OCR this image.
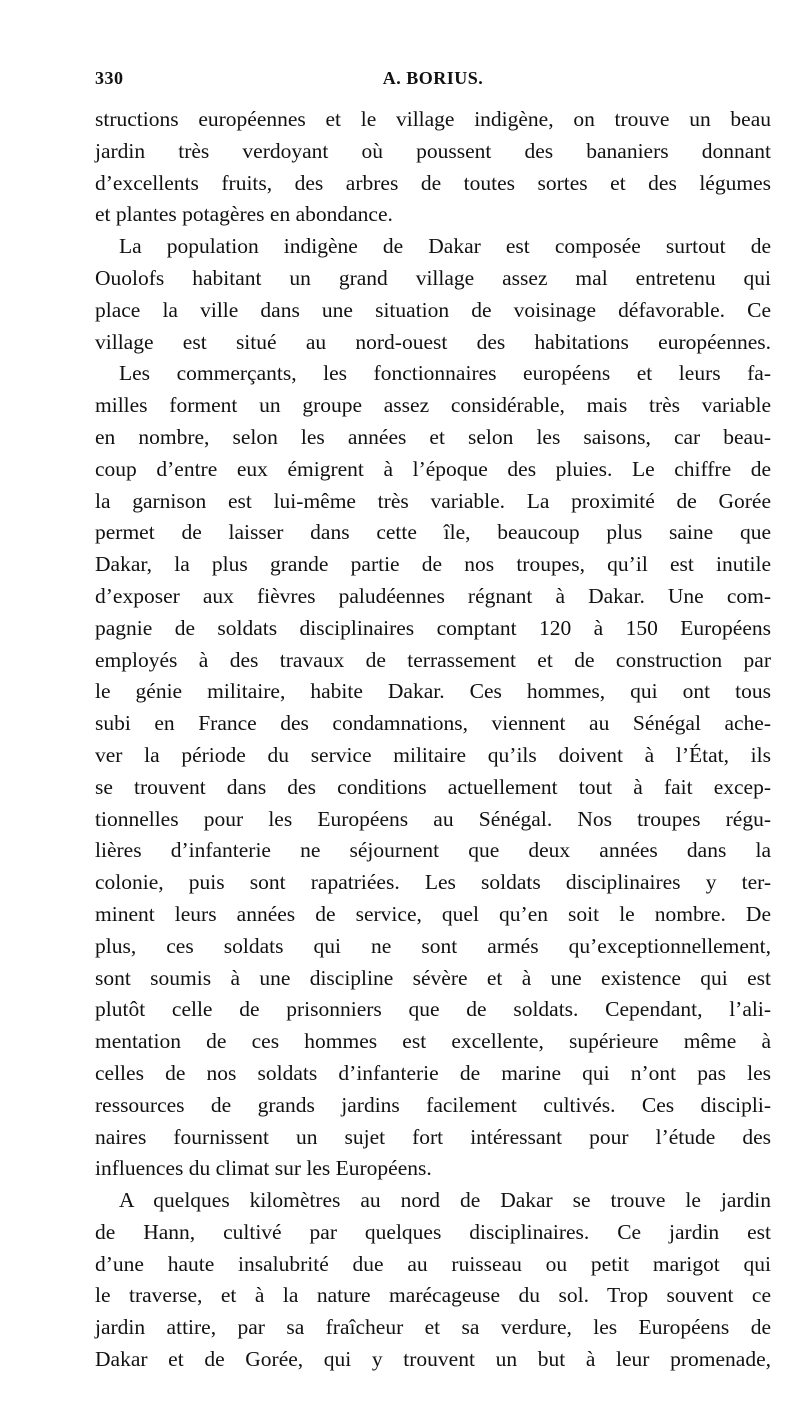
330	A. BORIUS.
structions européennes et le village indigène, on trouve un beau
jardin très verdoyant où poussent des bananiers donnant
d’excellents fruits, des arbres de toutes sortes et des légumes
et plantes potagères en abondance.
La population indigène de Dakar est composée surtout de
Ouolofs habitant un grand village assez mal entretenu qui
place la ville dans une situation de voisinage défavorable. Ce
village est situé au nord-ouest des habitations européennes.
Les commerçants, les fonctionnaires européens et leurs fa-
milles forment un groupe assez considérable, mais très variable
en nombre, selon les années et selon les saisons, car beau-
coup d’entre eux émigrent à l’époque des pluies. Le chiffre de
la garnison est lui-même très variable. La proximité de Gorée
permet de laisser dans cette île, beaucoup plus saine que
Dakar, la plus grande partie de nos troupes, qu’il est inutile
d’exposer aux fièvres paludéennes régnant à Dakar. Une com-
pagnie de soldats disciplinaires comptant 120 à 150 Européens
employés à des travaux de terrassement et de construction par
le génie militaire, habite Dakar. Ces hommes, qui ont tous
subi en France des condamnations, viennent au Sénégal ache-
ver la période du service militaire qu’ils doivent à l’État, ils
se trouvent dans des conditions actuellement tout à fait excep-
tionnelles pour les Européens au Sénégal. Nos troupes régu-
lières d’infanterie ne séjournent que deux années dans la
colonie, puis sont rapatriées. Les soldats disciplinaires y ter-
minent leurs années de service, quel qu’en soit le nombre. De
plus, ces soldats qui ne sont armés qu’exceptionnellement,
sont soumis à une discipline sévère et à une existence qui est
plutôt celle de prisonniers que de soldats. Cependant, l’ali-
mentation de ces hommes est excellente, supérieure même à
celles de nos soldats d’infanterie de marine qui n’ont pas les
ressources de grands jardins facilement cultivés. Ces discipli-
naires fournissent un sujet fort intéressant pour l’étude des
influences du climat sur les Européens.
A quelques kilomètres au nord de Dakar se trouve le jardin
de Hann, cultivé par quelques disciplinaires. Ce jardin est
d’une haute insalubrité due au ruisseau ou petit marigot qui
le traverse, et à la nature marécageuse du sol. Trop souvent ce
jardin attire, par sa fraîcheur et sa verdure, les Européens de
Dakar et de Gorée, qui y trouvent un but à leur promenade,
